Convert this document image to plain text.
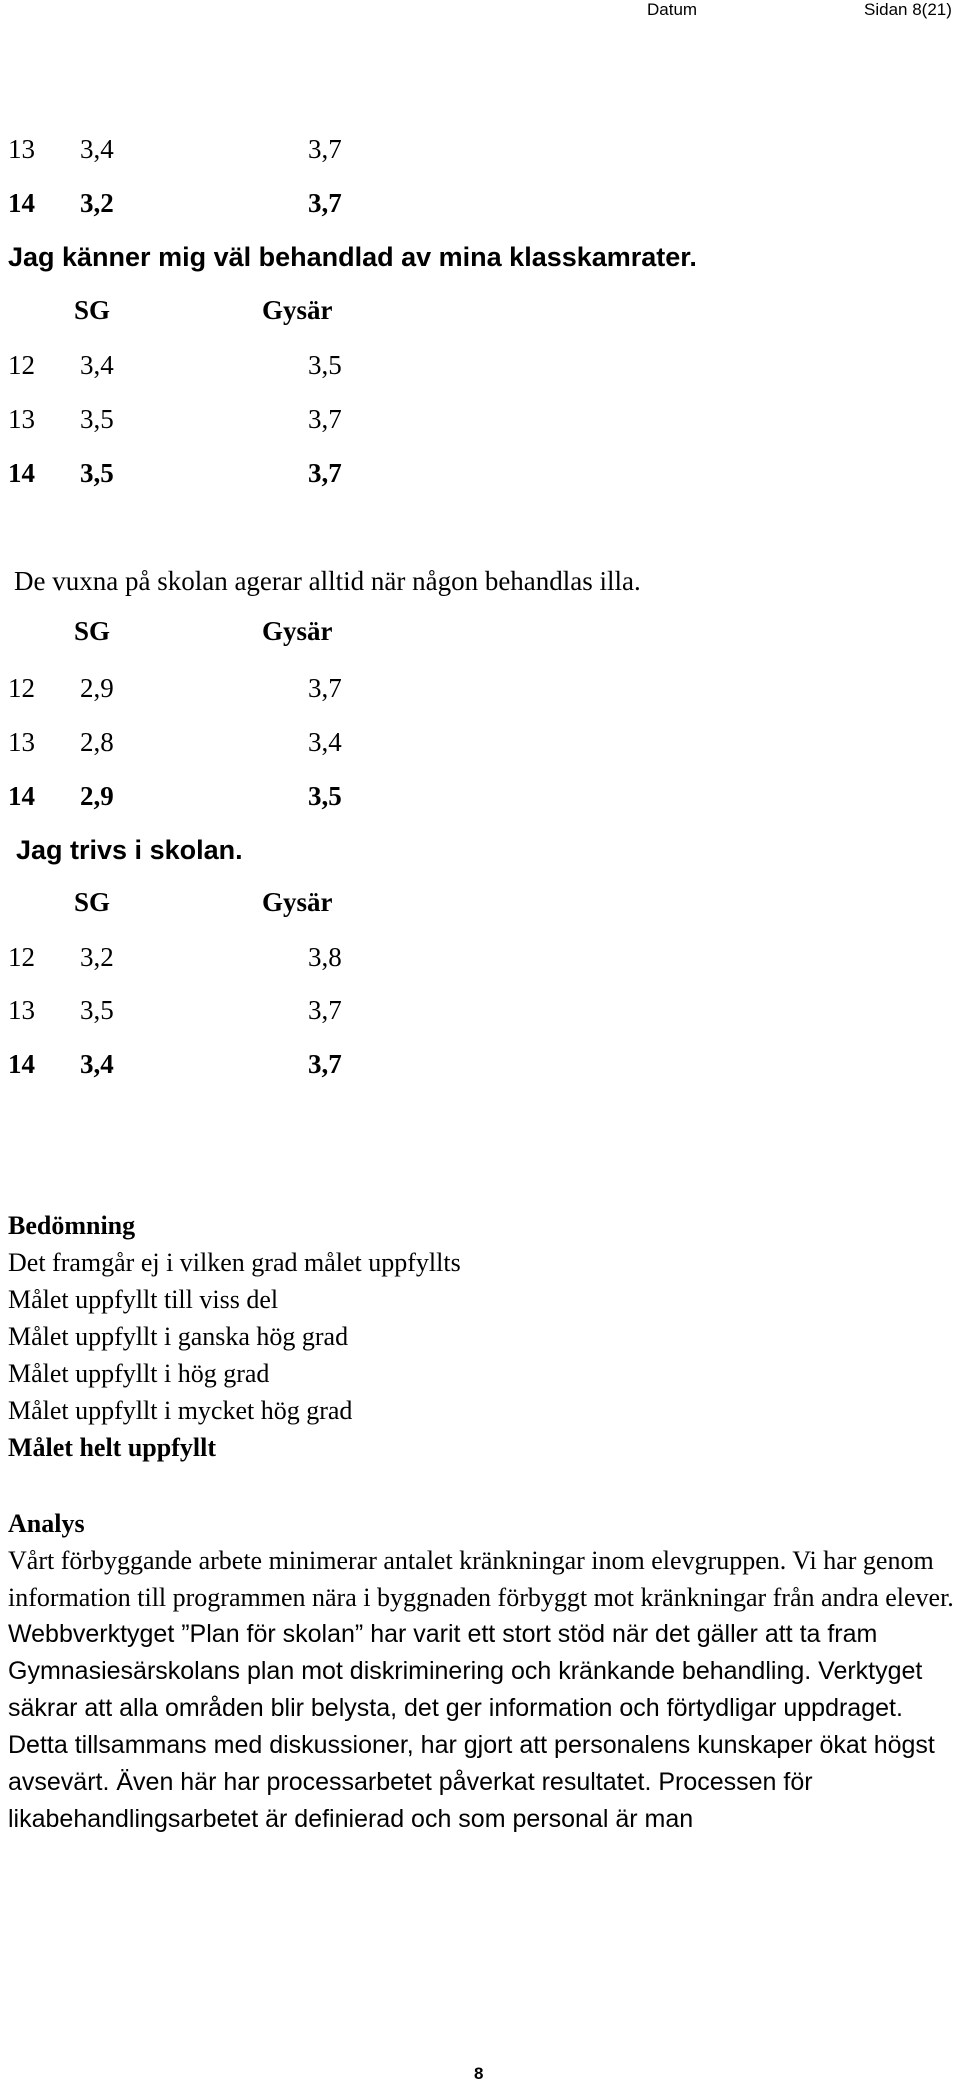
Datum	Sidan 8(21)
13 3,4	3,7
14 3,2	3,7
Jag känner mig väl behandlad av mina klasskamrater.
SG	Gysär
12 3,4	3,5
13 3,5	3,7
14 3,5	3,7
De vuxna på skolan agerar alltid när någon behandlas illa.
SG	Gysär
12 2,9	3,7
13 2,8	3,4
14 2,9	3,5
Jag trivs i skolan.
SG	Gysär
12 3,2	3,8
13 3,5	3,7
14 3,4	3,7
Bedömning
Det framgår ej i vilken grad målet uppfyllts
Målet uppfyllt till viss del
Målet uppfyllt i ganska hög grad
Målet uppfyllt i hög grad
Målet uppfyllt i mycket hög grad
Målet helt uppfyllt
Analys
Vårt förbyggande arbete minimerar antalet kränkningar inom elevgruppen. Vi har genom information till programmen nära i byggnaden förbyggt mot kränkningar från andra elever.
Webbverktyget ”Plan för skolan” har varit ett stort stöd när det gäller att ta fram Gymnasiesärskolans plan mot diskriminering och kränkande behandling. Verktyget säkrar att alla områden blir belysta, det ger information och förtydligar uppdraget. Detta tillsammans med diskussioner, har gjort att personalens kunskaper ökat högst avsevärt. Även här har processarbetet påverkat resultatet. Processen för likabehandlingsarbetet är definierad och som personal är man
8
